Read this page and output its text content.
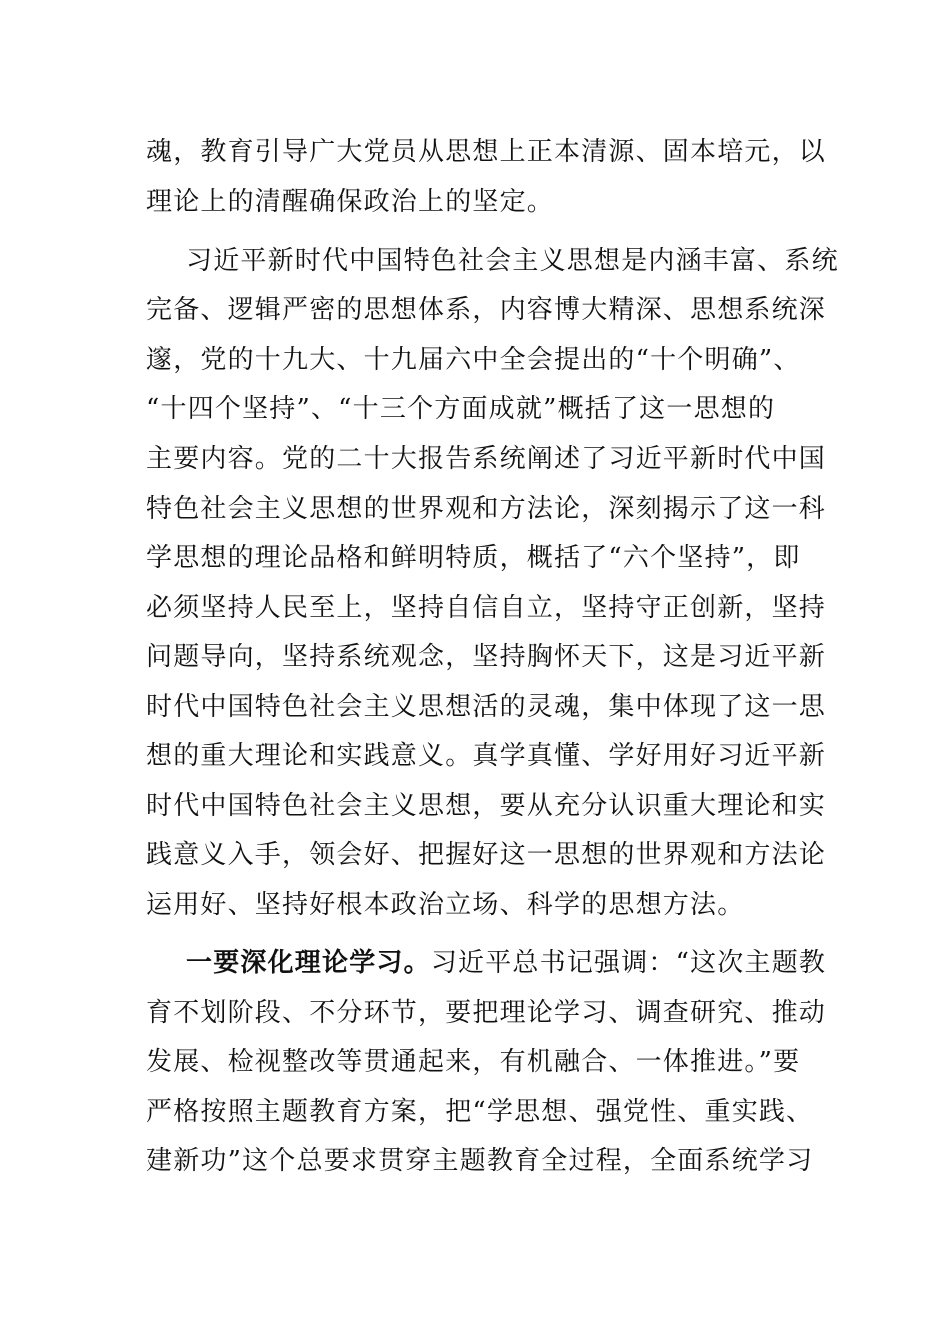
魂，教育引导广大党员从思想上正本清源、固本培元，以
理论上的清醒确保政治上的坚定。
习近平新时代中国特色社会主义思想是内涵丰富、系统
完备、逻辑严密的思想体系，内容博大精深、思想系统深
邃，党的十九大、十九届六中全会提出的“十个明确”、
“十四个坚持”、“十三个方面成就”概括了这一思想的
主要内容。党的二十大报告系统阐述了习近平新时代中国
特色社会主义思想的世界观和方法论，深刻揭示了这一科
学思想的理论品格和鲜明特质，概括了“六个坚持”，即
必须坚持人民至上，坚持自信自立，坚持守正创新，坚持
问题导向，坚持系统观念，坚持胸怀天下，这是习近平新
时代中国特色社会主义思想活的灵魂，集中体现了这一思
想的重大理论和实践意义。真学真懂、学好用好习近平新
时代中国特色社会主义思想，要从充分认识重大理论和实
践意义入手，领会好、把握好这一思想的世界观和方法论
运用好、坚持好根本政治立场、科学的思想方法。
一要深化理论学习。习近平总书记强调：“这次主题教
育不划阶段、不分环节，要把理论学习、调查研究、推动
发展、检视整改等贯通起来，有机融合、一体推进。”要
严格按照主题教育方案，把“学思想、强党性、重实践、
建新功”这个总要求贯穿主题教育全过程，全面系统学习
